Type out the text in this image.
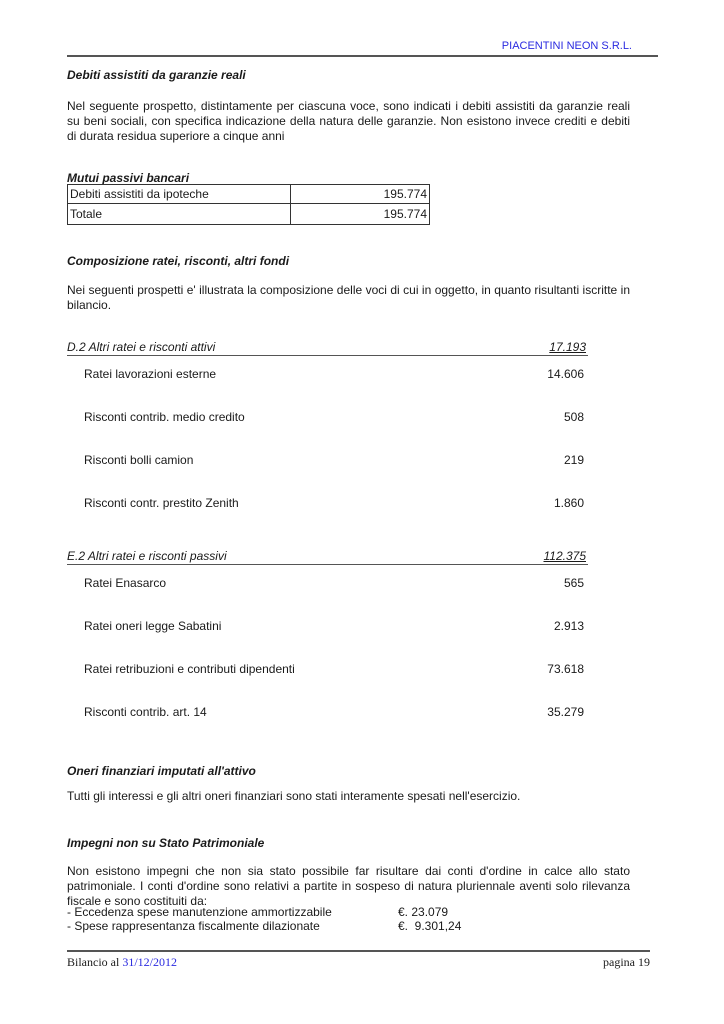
PIACENTINI NEON S.R.L.
Debiti assistiti da garanzie reali
Nel seguente prospetto, distintamente per ciascuna voce, sono indicati i debiti assistiti da garanzie reali su beni sociali, con specifica indicazione della natura delle garanzie. Non esistono invece crediti e debiti di durata residua superiore a cinque anni
Mutui passivi bancari
Debiti assistiti da ipoteche	195.774
Totale	195.774
Composizione ratei, risconti, altri fondi
Nei seguenti prospetti e' illustrata la composizione delle voci di cui in oggetto, in quanto risultanti iscritte in bilancio.
D.2 Altri ratei e risconti attivi	17.193
Ratei lavorazioni esterne	14.606
Risconti contrib. medio credito	508
Risconti bolli camion	219
Risconti contr. prestito Zenith	1.860
E.2 Altri ratei e risconti passivi	112.375
Ratei Enasarco	565
Ratei oneri legge Sabatini	2.913
Ratei retribuzioni e contributi dipendenti	73.618
Risconti contrib. art. 14	35.279
Oneri finanziari imputati all'attivo
Tutti gli interessi e gli altri oneri finanziari sono stati interamente spesati nell'esercizio.
Impegni non su Stato Patrimoniale
Non esistono impegni che non sia stato possibile far risultare dai conti d'ordine in calce allo stato patrimoniale. I conti d'ordine sono relativi a partite in sospeso di natura pluriennale aventi solo rilevanza fiscale e sono costituiti da:
- Eccedenza spese manutenzione ammortizzabile	€. 23.079
- Spese rappresentanza fiscalmente dilazionate	€.  9.301,24
Bilancio al 31/12/2012	pagina 19
